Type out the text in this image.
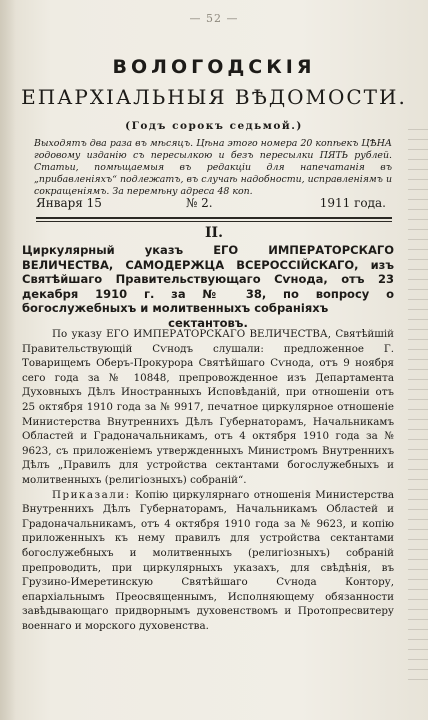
— 52 —
ВОЛОГОДСКІЯ
ЕПАРХІАЛЬНЫЯ ВѢДОМОСТИ.
(Годъ сорокъ седьмой.)
Выходятъ два раза въ мѣсяцъ. Цѣна этого номера 20 копѣекъ ЦѢНА годовому изданію съ пересылкою и безъ пересылки ПЯТЬ рублей. Статьи, помѣщаемыя въ редакціи для напечатанія въ „прибавленіяхъ“ подлежатъ, въ случаѣ надобности, исправленіямъ и сокращеніямъ. За перемѣну адреса 48 коп.
Января 15	№ 2.	1911 года.
II.
Циркулярный указъ ЕГО ИМПЕРАТОРСКАГО ВЕЛИЧЕСТВА, САМОДЕРЖЦА ВСЕРОССІЙСКАГО, изъ Святѣйшаго Правительствующаго Сѵнода, отъ 23 декабря 1910 г. за № 38, по вопросу о богослужебныхъ и молитвенныхъ собраніяхъ
сектантовъ.

По указу ЕГО ИМПЕРАТОРСКАГО ВЕЛИЧЕСТВА, Святѣйшій Правительствующій Сѵнодъ слушали: предложенное Г. Товарищемъ Оберъ-Прокурора Святѣйшаго Сѵнода, отъ 9 ноября сего года за № 10848, препровожденное изъ Департамента Духовныхъ Дѣлъ Иностранныхъ Исповѣданій, при отношеніи отъ 25 октября 1910 года за № 9917, печатное циркулярное отношеніе Министерства Внутреннихъ Дѣлъ Губернаторамъ, Начальникамъ Областей и Градоначальникамъ, отъ 4 октября 1910 года за № 9623, съ приложеніемъ утвержденныхъ Министромъ Внутреннихъ Дѣлъ „Правилъ для устройства сектантами богослужебныхъ и молитвенныхъ (религіозныхъ) собраній“.

Приказали: Копію циркулярнаго отношенія Министерства Внутреннихъ Дѣлъ Губернаторамъ, Начальникамъ Областей и Градоначальникамъ, отъ 4 октября 1910 года за № 9623, и копію приложенныхъ къ нему правилъ для устройства сектантами богослужебныхъ и молитвенныхъ (религіозныхъ) собраній препроводить, при циркулярныхъ указахъ, для свѣдѣнія, въ Грузино-Имеретинскую Святѣйшаго Сѵнода Контору, епархіальнымъ Преосвященнымъ, Исполняющему обязанности завѣдывающаго придворнымъ духовенствомъ и Протопресвитеру военнаго и морского духовенства.
